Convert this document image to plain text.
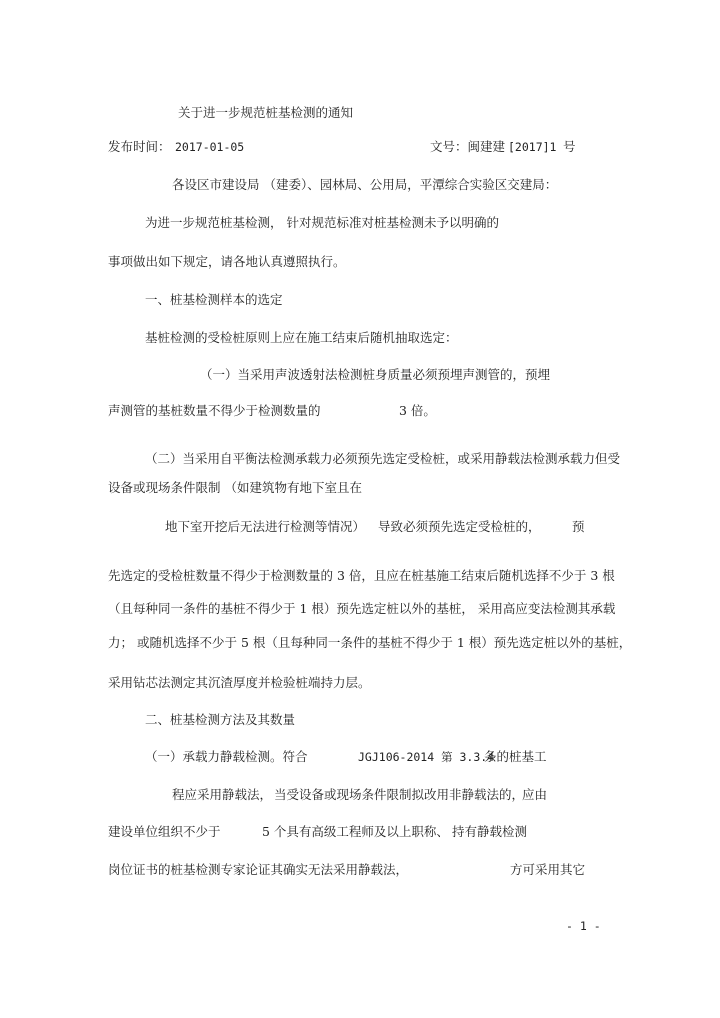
关于进一步规范桩基检测的通知
发布时间： 2017-01-05	文号：闽建建 [2017]1 号
各设区市建设局 （建委）、园林局、公用局，平潭综合实验区交建局：
为进一步规范桩基检测， 针对规范标准对桩基检测未予以明确的
事项做出如下规定，请各地认真遵照执行。
一、桩基检测样本的选定
基桩检测的受检桩原则上应在施工结束后随机抽取选定：
（一）当采用声波透射法检测桩身质量必须预埋声测管的，预埋
声测管的基桩数量不得少于检测数量的	3 倍。
（二）当采用自平衡法检测承载力必须预先选定受检桩，或采用静载法检测承载力但受
设备或现场条件限制 （如建筑物有地下室且在
地下室开挖后无法进行检测等情况） 导致必须预先选定受检桩的，	预
先选定的受检桩数量不得少于检测数量的 3 倍，且应在桩基施工结束后随机选择不少于 3 根
（且每种同一条件的基桩不得少于 1 根）预先选定桩以外的基桩， 采用高应变法检测其承载
力； 或随机选择不少于 5 根（且每种同一条件的基桩不得少于 1 根）预先选定桩以外的基桩，
采用钻芯法测定其沉渣厚度并检验桩端持力层。
二、桩基检测方法及其数量
（一）承载力静载检测。符合	JGJ106-2014 第 3.3.4
条的桩基工
程应采用静载法， 当受设备或现场条件限制拟改用非静载法的，
应由
建设单位组织不少于	5 个具有高级工程师及以上职称、 持有静载检测
岗位证书的桩基检测专家论证其确实无法采用静载法，	方可采用其它
- 1 -
